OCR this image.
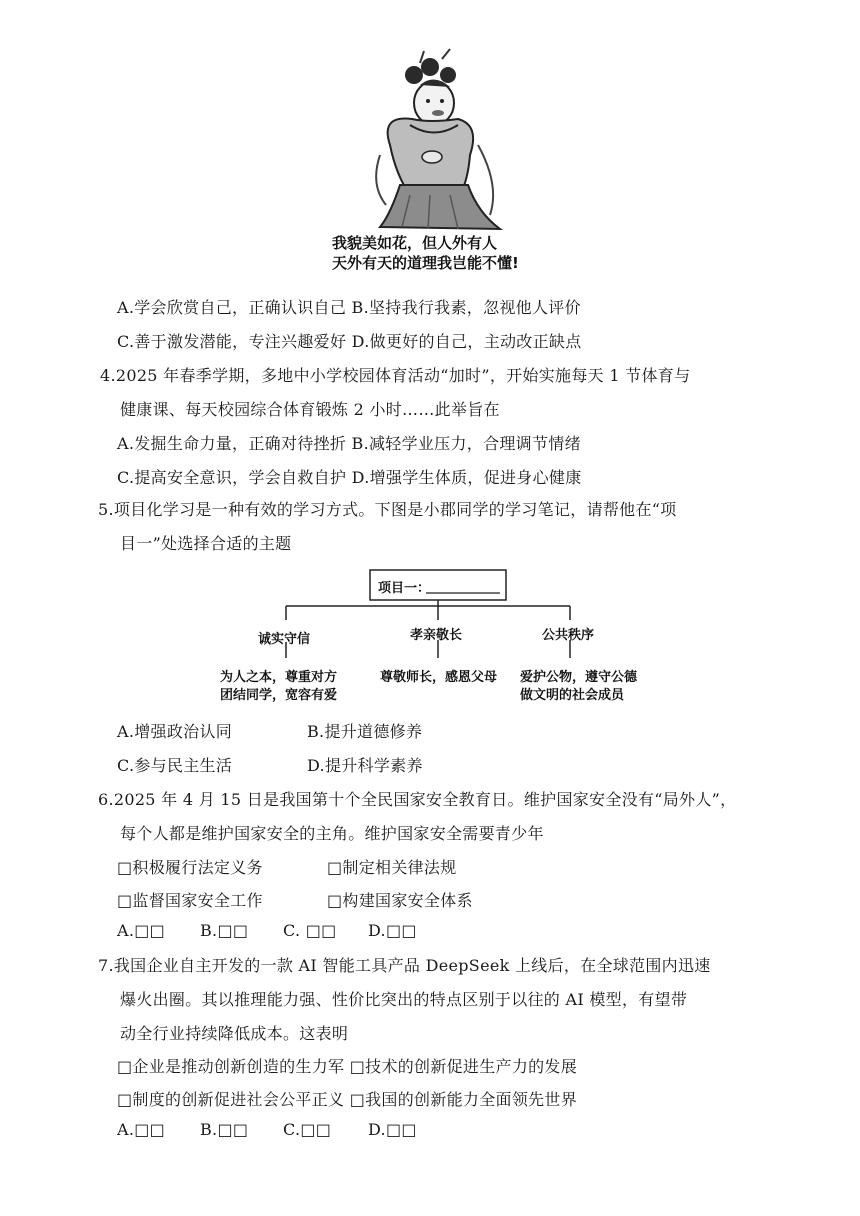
我貌美如花，但人外有人
天外有天的道理我岂能不懂!
A.学会欣赏自己，正确认识自己 B.坚持我行我素，忽视他人评价
C.善于激发潜能，专注兴趣爱好 D.做更好的自己，主动改正缺点
4.2025 年春季学期，多地中小学校园体育活动“加时”，开始实施每天 1 节体育与
健康课、每天校园综合体育锻炼 2 小时……此举旨在
A.发掘生命力量，正确对待挫折 B.减轻学业压力，合理调节情绪
C.提高安全意识，学会自救自护 D.增强学生体质，促进身心健康
5.项目化学习是一种有效的学习方式。下图是小郡同学的学习笔记，请帮他在“项
目一”处选择合适的主题
项目一：
诚实守信	孝亲敬长	公共秩序
为人之本，尊重对方
团结同学，宽容有爱
尊敬师长，感恩父母 爱护公物，遵守公德
做文明的社会成员
A.增强政治认同	B.提升道德修养
C.参与民主生活	D.提升科学素养
6.2025 年 4 月 15 日是我国第十个全民国家安全教育日。维护国家安全没有“局外人”，
每个人都是维护国家安全的主角。维护国家安全需要青少年
□积极履行法定义务	□制定相关律法规
□监督国家安全工作	□构建国家安全体系
A.□□ B.□□ C. □□ D.□□
7.我国企业自主开发的一款 AI 智能工具产品 DeepSeek 上线后，在全球范围内迅速
爆火出圈。其以推理能力强、性价比突出的特点区别于以往的 AI 模型，有望带
动全行业持续降低成本。这表明
□企业是推动创新创造的生力军 □技术的创新促进生产力的发展
□制度的创新促进社会公平正义 □我国的创新能力全面领先世界
A.□□ B.□□ C.□□ D.□□
